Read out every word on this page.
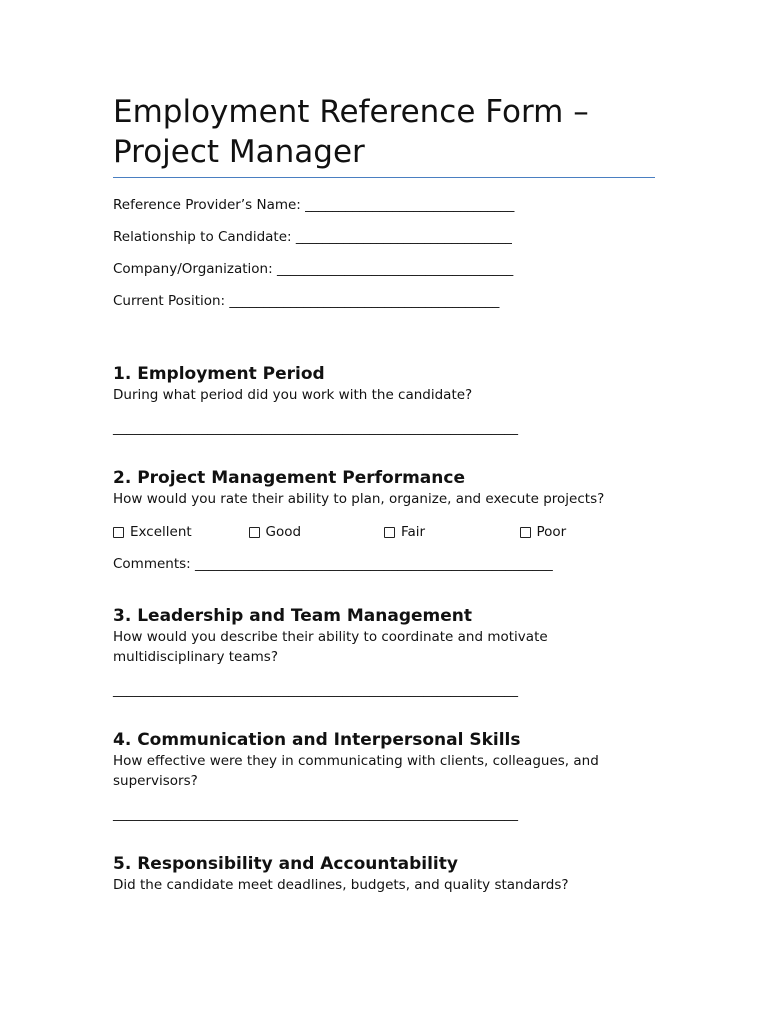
Employment Reference Form – Project Manager
Reference Provider’s Name: _______________________________
Relationship to Candidate: ________________________________
Company/Organization: ___________________________________
Current Position: ________________________________________
1. Employment Period

During what period did you work with the candidate?

____________________________________________________________
2. Project Management Performance

How would you rate their ability to plan, organize, and execute projects?

Excellent	Good	Fair	Poor
Comments: _____________________________________________________
3. Leadership and Team Management

How would you describe their ability to coordinate and motivate multidisciplinary teams?

____________________________________________________________
4. Communication and Interpersonal Skills

How effective were they in communicating with clients, colleagues, and supervisors?

____________________________________________________________
5. Responsibility and Accountability

Did the candidate meet deadlines, budgets, and quality standards?
